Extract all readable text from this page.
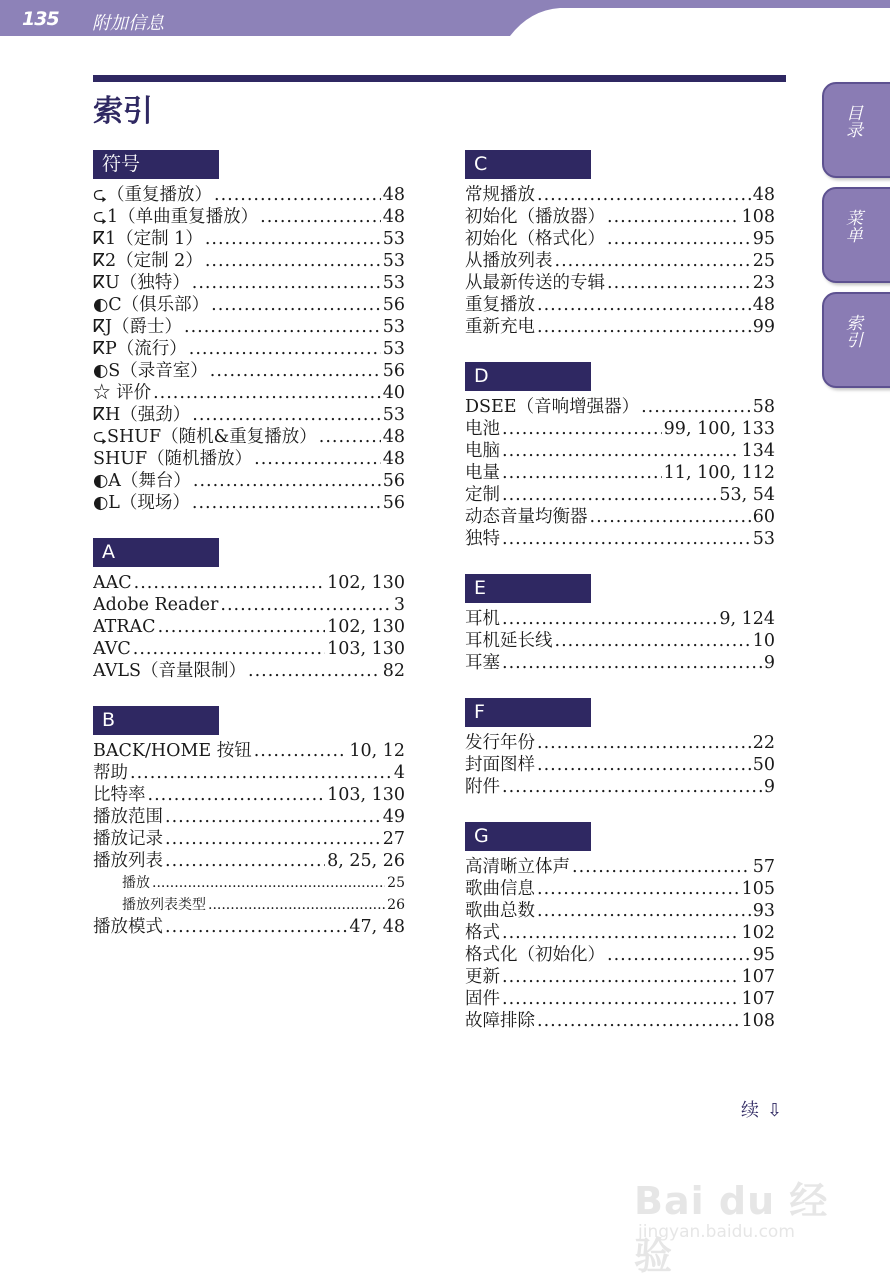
135 附加信息
索引	目录
菜单
索引
符号
⮎（重复播放） .....	48
⮎1（单曲重复播放） .....	48
ⴽ1（定制 1） .....	53
ⴽ2（定制 2） .....	53
ⴽU（独特） .....	53
◐C（俱乐部） .....	56
ⴽJ（爵士） .....	53
ⴽP（流行） .....	53
◐S（录音室） .....	56
☆ 评价 .....	40
ⴽH（强劲） .....	53
⮎SHUF（随机&重复播放） .....	48
SHUF（随机播放） .....	48
◐A（舞台） .....	56
◐L（现场） .....	56
A
AAC .....	102, 130
Adobe Reader .....	3
ATRAC .....	102, 130
AVC .....	103, 130
AVLS（音量限制） .....	82
B
BACK/HOME 按钮 .....	10, 12
帮助 .....	4
比特率 .....	103, 130
播放范围 .....	49
播放记录 .....	27
播放列表 .....	8, 25, 26
播放 .....	25
播放列表类型 .....	26
播放模式 .....	47, 48
C
常规播放 .....	48
初始化（播放器） .....	108
初始化（格式化） .....	95
从播放列表 .....	25
从最新传送的专辑 .....	23
重复播放 .....	48
重新充电 .....	99
D
DSEE（音响增强器） .....	58
电池 .....	99, 100, 133
电脑 .....	134
电量 .....	11, 100, 112
定制 .....	53, 54
动态音量均衡器 .....	60
独特 .....	53
E
耳机 .....	9, 124
耳机延长线 .....	10
耳塞 .....	9
F
发行年份 .....	22
封面图样 .....	50
附件 .....	9
G
高清晰立体声 .....	57
歌曲信息 .....	105
歌曲总数 .....	93
格式 .....	102
格式化（初始化） .....	95
更新 .....	107
固件 .....	107
故障排除 .....	108
续 ⇩
Bai du 经验
jingyan.baidu.com
